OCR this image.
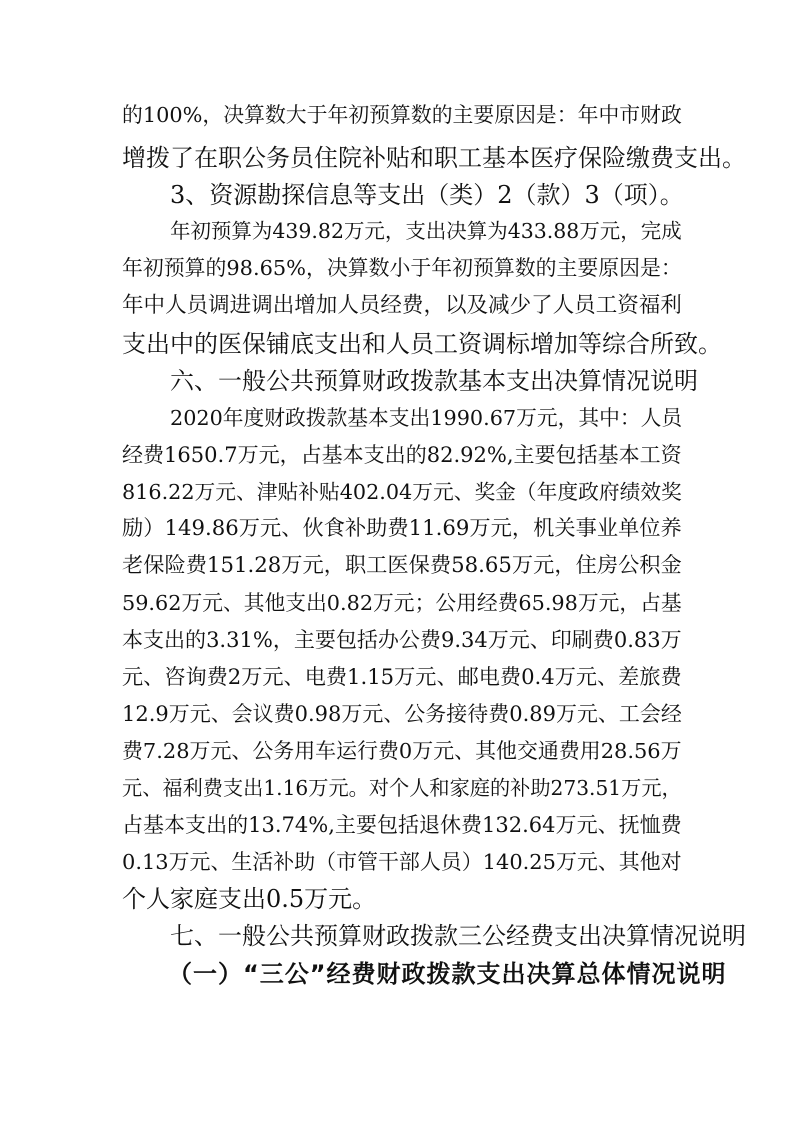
的100%，决算数大于年初预算数的主要原因是：年中市财政
增拨了在职公务员住院补贴和职工基本医疗保险缴费支出。
3、资源勘探信息等支出（类）2（款）3（项）。
年初预算为439.82万元，支出决算为433.88万元，完成
年初预算的98.65%，决算数小于年初预算数的主要原因是：
年中人员调进调出增加人员经费，以及减少了人员工资福利
支出中的医保铺底支出和人员工资调标增加等综合所致。
六、一般公共预算财政拨款基本支出决算情况说明
2020年度财政拨款基本支出1990.67万元，其中：人员
经费1650.7万元，占基本支出的82.92%,主要包括基本工资
816.22万元、津贴补贴402.04万元、奖金（年度政府绩效奖
励）149.86万元、伙食补助费11.69万元，机关事业单位养
老保险费151.28万元，职工医保费58.65万元，住房公积金
59.62万元、其他支出0.82万元；公用经费65.98万元，占基
本支出的3.31%，主要包括办公费9.34万元、印刷费0.83万
元、咨询费2万元、电费1.15万元、邮电费0.4万元、差旅费
12.9万元、会议费0.98万元、公务接待费0.89万元、工会经
费7.28万元、公务用车运行费0万元、其他交通费用28.56万
元、福利费支出1.16万元。对个人和家庭的补助273.51万元，
占基本支出的13.74%,主要包括退休费132.64万元、抚恤费
0.13万元、生活补助（市管干部人员）140.25万元、其他对
个人家庭支出0.5万元。
七、一般公共预算财政拨款三公经费支出决算情况说明
（一）“三公”经费财政拨款支出决算总体情况说明
